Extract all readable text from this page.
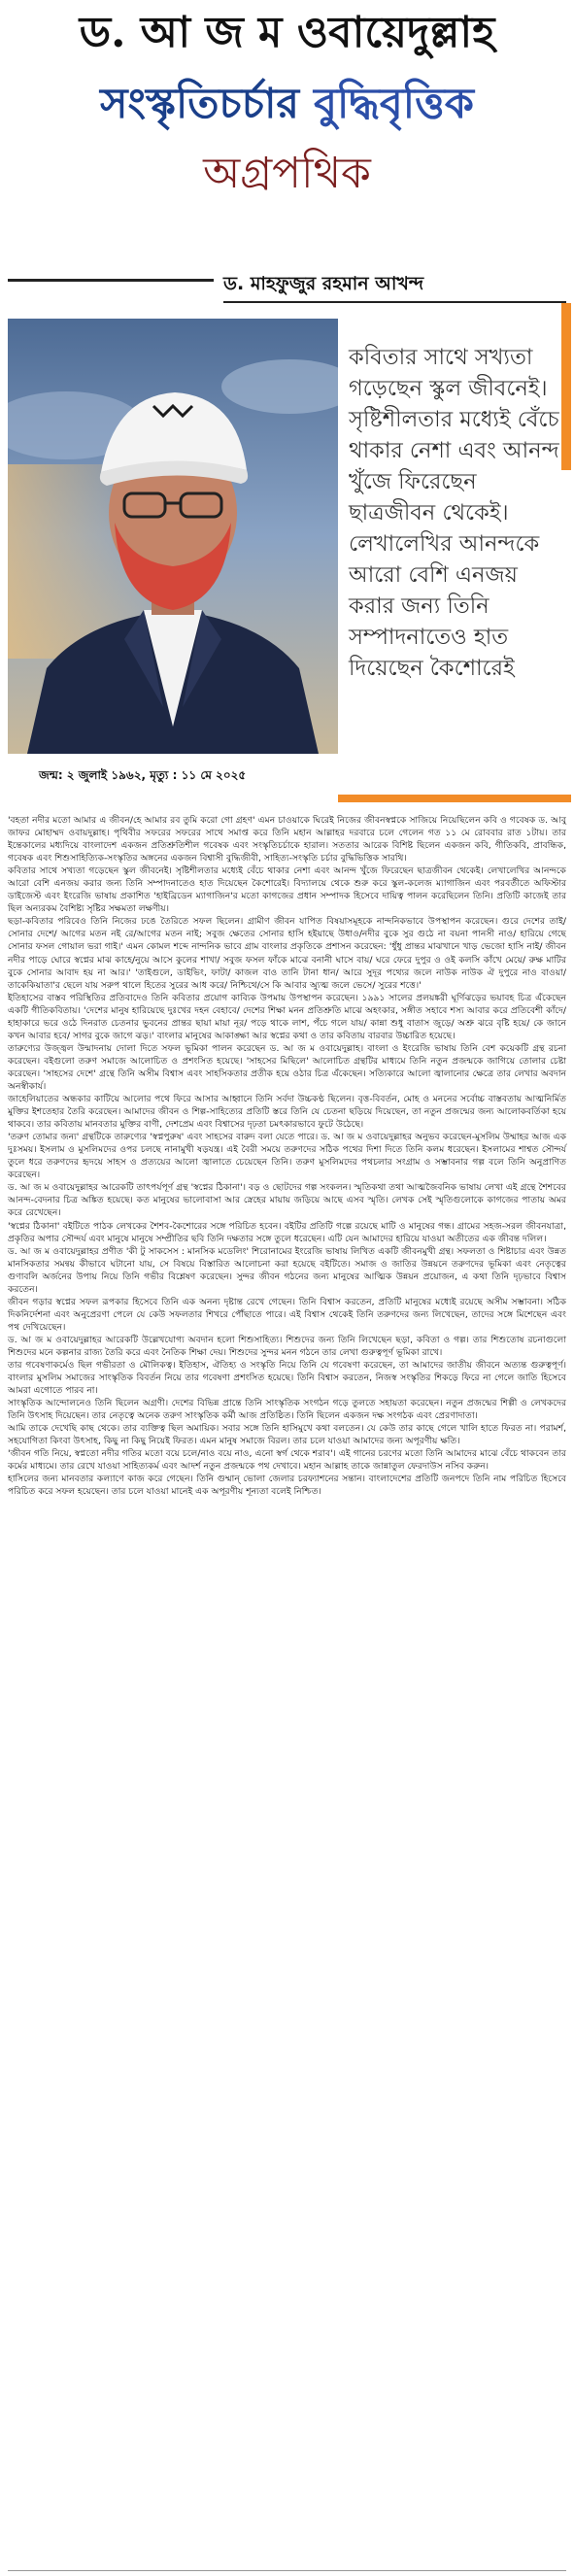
ড. আ জ ম ওবায়েদুল্লাহ
সংস্কৃতিচর্চার বুদ্ধিবৃত্তিক
অগ্রপথিক
ড. মাহফুজুর রহমান আখন্দ

কবিতার সাথে সখ্যতা গড়েছেন স্কুল জীবনেই। সৃষ্টিশীলতার মধ্যেই বেঁচে থাকার নেশা এবং আনন্দ খুঁজে ফিরেছেন ছাত্রজীবন থেকেই। লেখালেখির আনন্দকে আরো বেশি এনজয় করার জন্য তিনি সম্পাদনাতেও হাত দিয়েছেন কৈশোরেই

জন্ম: ২ জুলাই ১৯৬২, মৃত্যু : ১১ মে ২০২৫

'বহতা নদীর মতো আমার এ জীবন/হে আমার রব তুমি করো গো গ্রহণ' এমন চাওয়াকে ঘিরেই নিজের জীবনস্বপ্নকে সাজিয়ে নিয়েছিলেন কবি ও গবেষক ড. আবু জাফর মোহাম্মদ ওবায়দুল্লাহ। পৃথিবীর সফরের সফরের সাথে সমাপ্ত করে তিনি মহান আল্লাহর দরবারে চলে গেলেন গত ১১ মে রোববার রাত ১টায়। তার ইন্তেকালের মধ্যদিয়ে বাংলাদেশ একজন প্রতিশ্রুতিশীল গবেষক এবং সংস্কৃতিচর্চাকে হারাল। সততার আরেক বিশিষ্ট ছিলেন একজন কবি, গীতিকবি, প্রাবন্ধিক, গবেষক এবং শিশুসাহিত্যিক-সংস্কৃতির অঙ্গনের একজন বিশ্বাসী বুদ্ধিজীবী, সাহিত্য-সংস্কৃতি চর্চার বুদ্ধিভিত্তিক সারথি।

কবিতার সাথে সখ্যতা গড়েছেন স্কুল জীবনেই। সৃষ্টিশীলতার মধ্যেই বেঁচে থাকার নেশা এবং আনন্দ খুঁজে ফিরেছেন ছাত্রজীবন থেকেই। লেখালেখির আনন্দকে আরো বেশি এনজয় করার জন্য তিনি সম্পাদনাতেও হাত দিয়েছেন কৈশোরেই। বিদ্যালয়ে থেকে শুরু করে স্কুল-কলেজ ম্যাগাজিন এবং পরবর্তীতে অফিস্টার ডাইজেস্ট এবং ইংরেজি ভাষায় প্রকাশিত 'হাইব্রিডেন ম্যাগাজিন'র মতো কাগজের প্রধান সম্পাদক হিসেবে দায়িত্ব পালন করেছিলেন তিনি। প্রতিটি কাজেই তার ছিল অন্যরকম বৈশিষ্ট্য সৃষ্টির সক্ষমতা লক্ষণীয়।

ছড়া-কবিতার পরিবেও তিনি নিজের ঢঙে তৈরিতে সফল ছিলেন। গ্রামীণ জীবন যাপিত বিষয়াসমূহকে নান্দনিকভাবে উপস্থাপন করেছেন। গুরে দেশের তাই/ সোনার দেশে/ আগের মতন নই রে/আগের মতন নাই; সবুজ ক্ষেতের সোনার হাসি হইয়াছে উধাও/নদীর বুকে সুর গুঠে না বয়না পানসী নাও/ হারিয়ে গেছে সোনার ফসল গোয়াল ভরা গাই।' এমন কোমল শব্দে নান্দনিক ভাবে গ্রাম বাংলার প্রকৃতিকে প্রশাসন করেছেন: 'ধুঁধু প্রান্তর মাঝখানে খাড় ভেজো হাসি নাই/ জীবন নদীর পাড়ে ঘোরে স্বপ্নের মাঝ কাহে/নুয়ে আসে কুলের শাখা/ সবুজ ফসল ফাঁকে মাঝে বনানী ঘাসে বায়/ ঘরে ফেরে দুপুর ও ওই কলসি কাঁখে মেয়ে/ রুক্ষ মাটির বুকে সোনার আবাদ হয় না আর।' 'তাইগুলে, ডাইভিং, ফাটা/ কাজল বাও তানি টানা ধান/ আরে সুদূর পথ্যের জলে নাউক নাউক ঐ দুপুরে নাও বাওয়া/ তাকেকিয়াতা'র ছেলে যায় সরুপ থালে হিতের সুরের আধ করে/ নিশ্চিথে/সে কি আবার অ্যুত্ম জলে ভেসে/ সুরের শত্তে।'

ইতিহাসের বাস্তব পরিস্থিতির প্রতিবাদেও তিনি কবিতার প্রয়োগ কাব্যিক উপমায় উপস্থাপন করেছেন। ১৯৯১ সালের প্রলয়ঙ্করী ঘূর্ণিঝড়ের ভয়াবহ চিত্র এঁকেছেন একটি গীতিকবিতায়। 'দেশের মানুষ হারিয়েছে দুঃখের দহন বেহাবে/ দেশের শিক্ষা মনন প্রতিশ্রুতি মাঝে অহংকার, সঙ্গীত সহাবে শস্য আবার করে প্রতিবেশী কাঁদে/ হাহাকারে ভরে ওঠে দিনরাত চেতনার ভুবনের প্রান্তর ছায়া মায়া নূর/ পড়ে থাকে লাশ, পঁচে গলে যায়/ কান্না শুধু বাতাস জুড়ে/ অশ্রু ঝরে বৃষ্টি হয়ে/ কে জানে কখন আবার হবে/ সাগর বুকে জাগে ঝড়।' বাংলার মানুষের আকাঙ্ক্ষা আর স্বপ্নের কথা ও তার কবিতায় বারবার উচ্চারিত হয়েছে।

তারুণ্যের উজ্জ্বল উন্মাদনায় দোলা দিতে সফল ভূমিকা পালন করেছেন ড. আ জ ম ওবায়েদুল্লাহ। বাংলা ও ইংরেজি ভাষায় তিনি বেশ কয়েকটি গ্রন্থ রচনা করেছেন। বইগুলো তরুণ সমাজে আলোচিত ও প্রশংসিত হয়েছে। 'সাহসের মিছিলে' আলোচিত গ্রন্থটির মাধ্যমে তিনি নতুন প্রজন্মকে জাগিয়ে তোলার চেষ্টা করেছেন। 'সাহসের দেশে' গ্রন্থে তিনি অসীম বিশ্বাস এবং সাহসিকতার প্রতীক হয়ে ওঠার চিত্র এঁকেছেন। সত্যিকারে আলো জ্বালানোর ক্ষেত্রে তার লেখার অবদান অনস্বীকার্য।

জাহেলিয়াতের অন্ধকার কাটিয়ে আলোর পথে ফিরে আসার আহ্বানে তিনি সর্বদা উচ্চকণ্ঠ ছিলেন। বৃত্ত-বিবর্তন, মোহ ও মননের সর্বোচ্চ বাস্তবতায় আত্মনির্মিত মুক্তির ইশতেহার তৈরি করেছেন। আমাদের জীবন ও শিল্প-সাহিত্যের প্রতিটি স্তরে তিনি যে চেতনা ছড়িয়ে দিয়েছেন, তা নতুন প্রজন্মের জন্য আলোকবর্তিকা হয়ে থাকবে। তার কবিতায় মানবতার মুক্তির বাণী, দেশপ্রেম এবং বিশ্বাসের দৃঢ়তা চমৎকারভাবে ফুটে উঠেছে।

'তরুণ তোমার জন্য' গ্রন্থটিকে তারুণ্যের 'স্বপ্নপুরুষ' এবং সাহসের বারুদ বলা যেতে পারে। ড. আ জ ম ওবায়েদুল্লাহর অনুভব করেছেন-মুসলিম উম্মাহর আজ এক দুঃসময়। ইসলাম ও মুসলিমদের ওপর চলছে নানামুখী ষড়যন্ত্র। এই বৈরী সময়ে তরুণদের সঠিক পথের দিশা দিতে তিনি কলম ধরেছেন। ইসলামের শাশ্বত সৌন্দর্য তুলে ধরে তরুণদের হৃদয়ে সাহস ও প্রত্যয়ের আলো জ্বালাতে চেয়েছেন তিনি। তরুণ মুসলিমদের পথচলার সংগ্রাম ও সম্ভাবনার গল্প বলে তিনি অনুপ্রাণিত করেছেন।

ড. আ জ ম ওবায়েদুল্লাহর আরেকটি তাৎপর্যপূর্ণ গ্রন্থ 'স্বপ্নের ঠিকানা'। বড় ও ছোটদের গল্প সংকলন। স্মৃতিকথা তথা আত্মজৈবনিক ভাষায় লেখা এই গ্রন্থে শৈশবের আনন্দ-বেদনার চিত্র অঙ্কিত হয়েছে। কত মানুষের ভালোবাসা আর স্নেহের মায়ায় জড়িয়ে আছে এসব স্মৃতি। লেখক সেই স্মৃতিগুলোকে কাগজের পাতায় অমর করে রেখেছেন।

'স্বপ্নের ঠিকানা' বইটিতে পাঠক লেখকের শৈশব-কৈশোরের সঙ্গে পরিচিত হবেন। বইটির প্রতিটি গল্পে রয়েছে মাটি ও মানুষের গন্ধ। গ্রামের সহজ-সরল জীবনযাত্রা, প্রকৃতির অপার সৌন্দর্য এবং মানুষে মানুষে সম্প্রীতির ছবি তিনি দক্ষতার সঙ্গে তুলে ধরেছেন। এটি যেন আমাদের হারিয়ে যাওয়া অতীতের এক জীবন্ত দলিল।

ড. আ জ ম ওবায়েদুল্লাহর প্রণীত 'কী টু সাকসেস : মানসিক মডেলিং' শিরোনামের ইংরেজি ভাষায় লিখিত একটি জীবনমুখী গ্রন্থ। সফলতা ও শিষ্টাচার এবং উন্নত মানসিকতার সমন্বয় কীভাবে ঘটানো যায়, সে বিষয়ে বিস্তারিত আলোচনা করা হয়েছে বইটিতে। সমাজ ও জাতির উন্নয়নে তরুণদের ভূমিকা এবং নেতৃত্বের গুণাবলি অর্জনের উপায় নিয়ে তিনি গভীর বিশ্লেষণ করেছেন। সুন্দর জীবন গঠনের জন্য মানুষের আত্মিক উন্নয়ন প্রয়োজন, এ কথা তিনি দৃঢ়ভাবে বিশ্বাস করতেন।

জীবন গড়ার স্বপ্নের সফল রূপকার হিসেবে তিনি এক অনন্য দৃষ্টান্ত রেখে গেছেন। তিনি বিশ্বাস করতেন, প্রতিটি মানুষের মধ্যেই রয়েছে অসীম সম্ভাবনা। সঠিক দিকনির্দেশনা এবং অনুপ্রেরণা পেলে যে কেউ সফলতার শিখরে পৌঁছাতে পারে। এই বিশ্বাস থেকেই তিনি তরুণদের জন্য লিখেছেন, তাদের সঙ্গে মিশেছেন এবং পথ দেখিয়েছেন।

ড. আ জ ম ওবায়েদুল্লাহর আরেকটি উল্লেখযোগ্য অবদান হলো শিশুসাহিত্য। শিশুদের জন্য তিনি লিখেছেন ছড়া, কবিতা ও গল্প। তার শিশুতোষ রচনাগুলো শিশুদের মনে কল্পনার রাজ্য তৈরি করে এবং নৈতিক শিক্ষা দেয়। শিশুদের সুন্দর মনন গঠনে তার লেখা গুরুত্বপূর্ণ ভূমিকা রাখে।

তার গবেষণাকর্মেও ছিল গভীরতা ও মৌলিকত্ব। ইতিহাস, ঐতিহ্য ও সংস্কৃতি নিয়ে তিনি যে গবেষণা করেছেন, তা আমাদের জাতীয় জীবনে অত্যন্ত গুরুত্বপূর্ণ। বাংলার মুসলিম সমাজের সাংস্কৃতিক বিবর্তন নিয়ে তার গবেষণা প্রশংসিত হয়েছে। তিনি বিশ্বাস করতেন, নিজস্ব সংস্কৃতির শিকড়ে ফিরে না গেলে জাতি হিসেবে আমরা এগোতে পারব না।

সাংস্কৃতিক আন্দোলনেও তিনি ছিলেন অগ্রণী। দেশের বিভিন্ন প্রান্তে তিনি সাংস্কৃতিক সংগঠন গড়ে তুলতে সহায়তা করেছেন। নতুন প্রজন্মের শিল্পী ও লেখকদের তিনি উৎসাহ দিয়েছেন। তার নেতৃত্বে অনেক তরুণ সাংস্কৃতিক কর্মী আজ প্রতিষ্ঠিত। তিনি ছিলেন একজন দক্ষ সংগঠক এবং প্রেরণাদাতা।

আমি তাকে দেখেছি কাছ থেকে। তার ব্যক্তিত্ব ছিল অমায়িক। সবার সঙ্গে তিনি হাসিমুখে কথা বলতেন। যে কেউ তার কাছে গেলে খালি হাতে ফিরত না। পরামর্শ, সহযোগিতা কিংবা উৎসাহ, কিছু না কিছু নিয়েই ফিরত। এমন মানুষ সমাজে বিরল। তার চলে যাওয়া আমাদের জন্য অপূরণীয় ক্ষতি।

'জীবন গতি নিয়ে, স্বপ্নতো নদীর গতির মতো বয়ে চলে/নাও বয়ে নাও, এনো স্বর্গ থেকে শরাব'। এই গানের চরণের মতো তিনি আমাদের মাঝে বেঁচে থাকবেন তার কর্মের মাধ্যমে। তার রেখে যাওয়া সাহিত্যকর্ম এবং আদর্শ নতুন প্রজন্মকে পথ দেখাবে। মহান আল্লাহ তাকে জান্নাতুল ফেরদাউস নসিব করুন।

হাসিলের জন্য মানবতার কল্যাণে কাজ করে গেছেন। তিনি গুম্মান্‌ ভোলা জেলার চরফ্যাশনের সন্তান। বাংলাদেশের প্রতিটি জনপদে তিনি নাম পরিচিত হিসেবে পরিচিত করে সফল হয়েছেন। তার চলে যাওয়া মানেই এক অপূরণীয় শূন্যতা বলেই নিশ্চিত।
